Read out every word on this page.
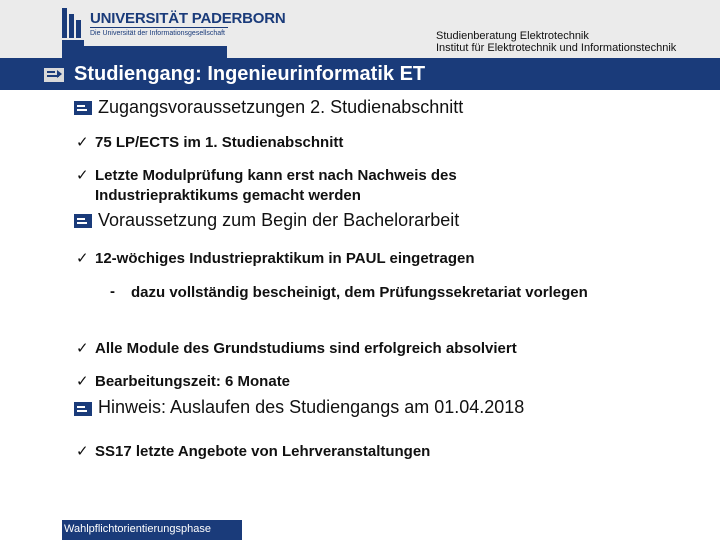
UNIVERSITÄT PADERBORN
Die Universität der Informationsgesellschaft	Studienberatung Elektrotechnik
Institut für Elektrotechnik und Informationstechnik
Studiengang: Ingenieurinformatik ET
Zugangsvoraussetzungen 2. Studienabschnitt
✓ 75 LP/ECTS im 1. Studienabschnitt
✓ Letzte Modulprüfung kann erst nach Nachweis des Industriepraktikums gemacht werden
Voraussetzung zum Begin der Bachelorarbeit
✓ 12-wöchiges Industriepraktikum in PAUL eingetragen
- dazu vollständig bescheinigt, dem Prüfungssekretariat vorlegen
✓ Alle Module des Grundstudiums sind erfolgreich absolviert
✓ Bearbeitungszeit: 6 Monate
Hinweis: Auslaufen des Studiengangs am 01.04.2018
✓ SS17 letzte Angebote von Lehrveranstaltungen
Wahlpflichtorientierungsphase
